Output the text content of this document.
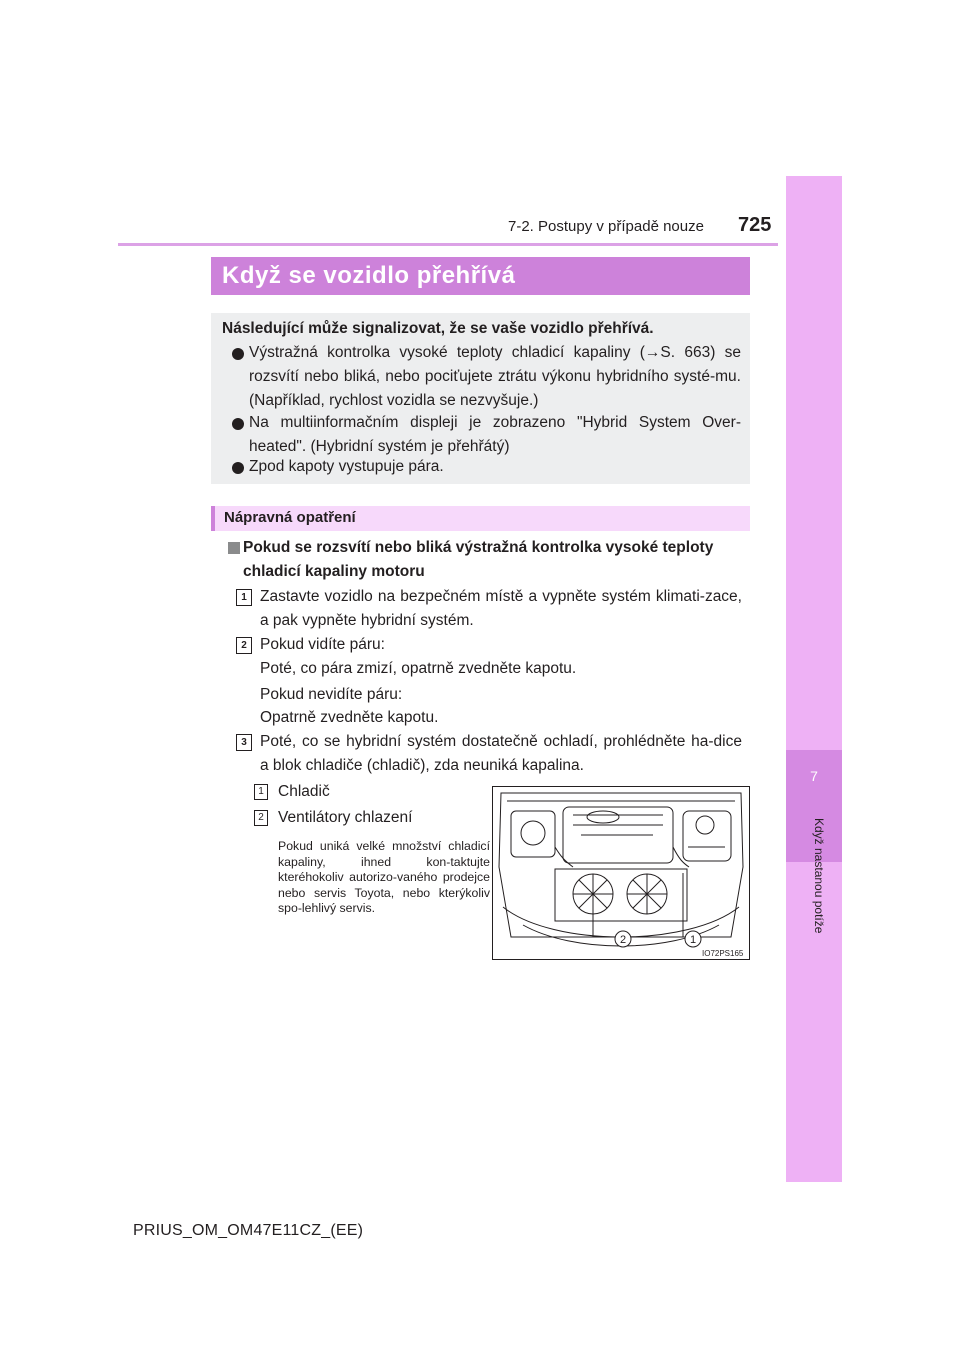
7
Když nastanou potíže
7-2. Postupy v případě nouze 725
Když se vozidlo přehřívá
Následující může signalizovat, že se vaše vozidlo přehřívá.
Výstražná kontrolka vysoké teploty chladicí kapaliny (→S. 663) se rozsvítí nebo bliká, nebo pociťujete ztrátu výkonu hybridního systé-mu. (Například, rychlost vozidla se nezvyšuje.)
Na multiinformačním displeji je zobrazeno "Hybrid System Over-heated". (Hybridní systém je přehřátý)
Zpod kapoty vystupuje pára.
Nápravná opatření
Pokud se rozsvítí nebo bliká výstražná kontrolka vysoké teploty chladicí kapaliny motoru
1 Zastavte vozidlo na bezpečném místě a vypněte systém klimati-zace, a pak vypněte hybridní systém.
2 Pokud vidíte páru:
Poté, co pára zmizí, opatrně zvedněte kapotu.
Pokud nevidíte páru:
Opatrně zvedněte kapotu.
3 Poté, co se hybridní systém dostatečně ochladí, prohlédněte ha-dice a blok chladiče (chladič), zda neuniká kapalina.
1 Chladič
2 Ventilátory chlazení
Pokud uniká velké množství chladicí kapaliny, ihned kon-taktujte kteréhokoliv autorizo-vaného prodejce nebo servis Toyota, nebo kterýkoliv spo-lehlivý servis.
2	1
IO72PS165
PRIUS_OM_OM47E11CZ_(EE)
